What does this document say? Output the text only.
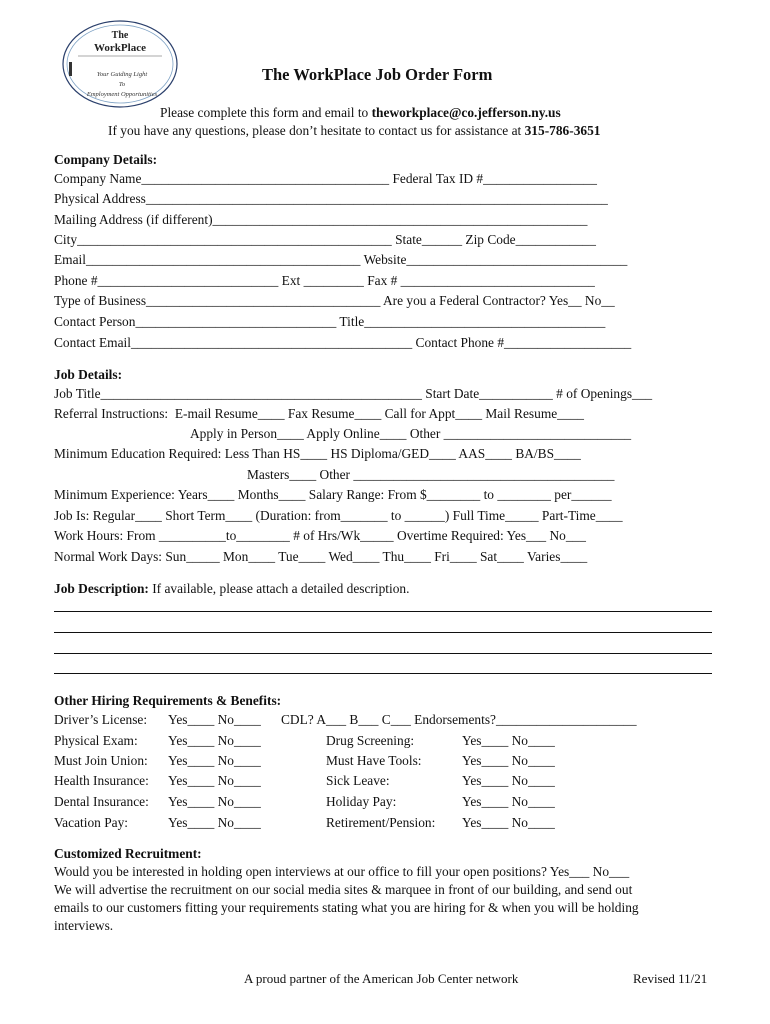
The
WorkPlace
Your Guiding Light
To
Employment Opportunities
The WorkPlace Job Order Form
Please complete this form and email to theworkplace@co.jefferson.ny.us
If you have any questions, please don’t hesitate to contact us for assistance at 315-786-3651
Company Details:
Company Name_____________________________________ Federal Tax ID #_________________
Physical Address_____________________________________________________________________
Mailing Address (if different)________________________________________________________
City_______________________________________________ State______ Zip Code____________
Email_________________________________________ Website_________________________________
Phone #___________________________ Ext _________ Fax # _____________________________
Type of Business___________________________________ Are you a Federal Contractor? Yes__ No__
Contact Person______________________________ Title____________________________________
Contact Email__________________________________________ Contact Phone #___________________
Job Details:
Job Title________________________________________________ Start Date___________ # of Openings___
Referral Instructions:  E-mail Resume____ Fax Resume____ Call for Appt____ Mail Resume____
Apply in Person____ Apply Online____ Other ____________________________
Minimum Education Required: Less Than HS____ HS Diploma/GED____ AAS____ BA/BS____
Masters____ Other _______________________________________
Minimum Experience: Years____ Months____ Salary Range: From $________ to ________ per______
Job Is: Regular____ Short Term____ (Duration: from_______ to ______) Full Time_____ Part-Time____
Work Hours: From __________to________ # of Hrs/Wk_____ Overtime Required: Yes___ No___
Normal Work Days: Sun_____ Mon____ Tue____ Wed____ Thu____ Fri____ Sat____ Varies____
Job Description: If available, please attach a detailed description.
Other Hiring Requirements & Benefits:
Driver’s License: Yes____ No____ CDL? A___ B___ C___ Endorsements?_____________________
Physical Exam: Yes____ No____	Drug Screening:	Yes____ No____
Must Join Union: Yes____ No____	Must Have Tools:	Yes____ No____
Health Insurance: Yes____ No____	Sick Leave:	Yes____ No____
Dental Insurance: Yes____ No____	Holiday Pay:	Yes____ No____
Vacation Pay:	Yes____ No____	Retirement/Pension: Yes____ No____
Customized Recruitment:
Would you be interested in holding open interviews at our office to fill your open positions? Yes___ No___
We will advertise the recruitment on our social media sites & marquee in front of our building, and send out
emails to our customers fitting your requirements stating what you are hiring for & when you will be holding
interviews.
A proud partner of the American Job Center network	Revised 11/21
